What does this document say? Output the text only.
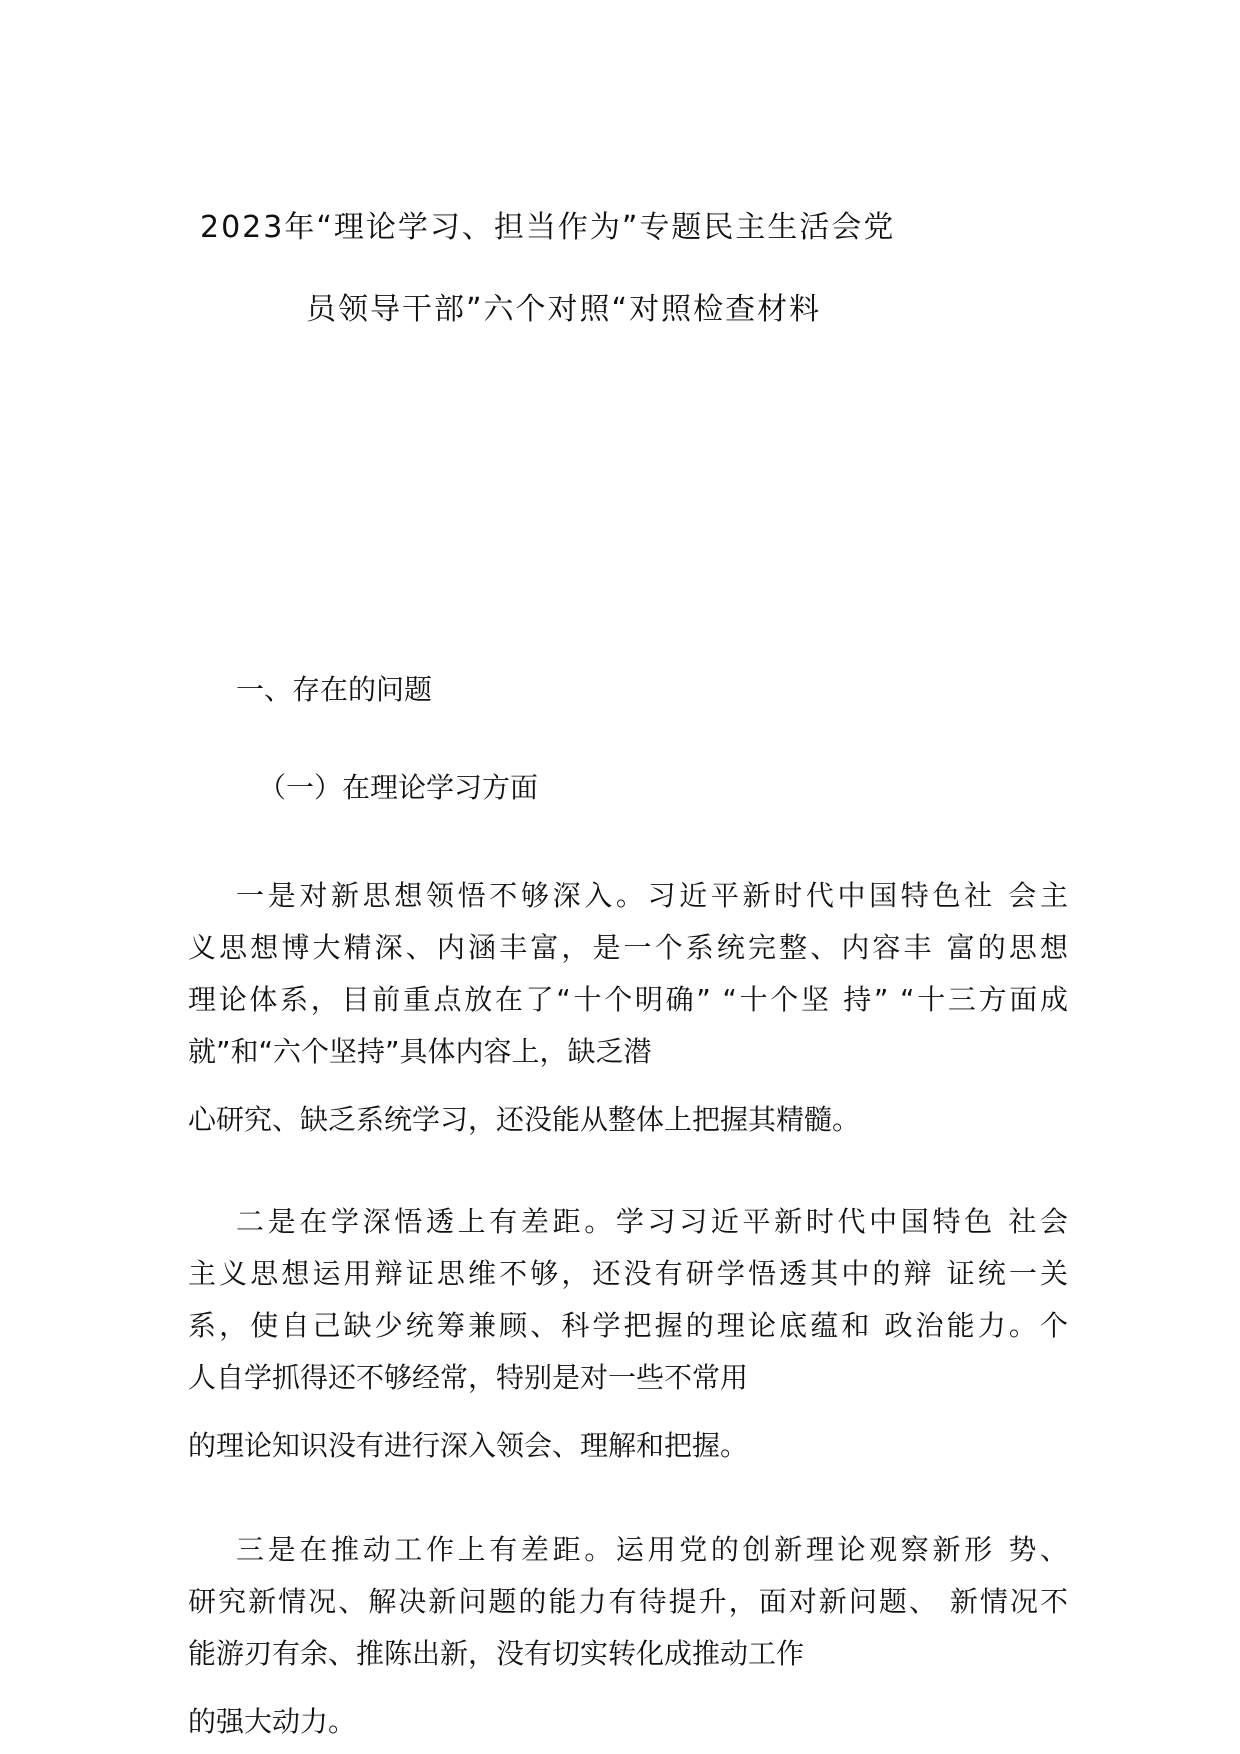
2023年“理论学习、担当作为”专题民主生活会党
员领导干部”六个对照“对照检查材料
一、存在的问题
（一）在理论学习方面
一是对新思想领悟不够深入。习近平新时代中国特色社 会主
义思想博大精深、内涵丰富，是一个系统完整、内容丰 富的思想
理论体系，目前重点放在了“十个明确” “十个坚 持” “十三方面成
就”和“六个坚持”具体内容上，缺乏潜
心研究、缺乏系统学习，还没能从整体上把握其精髓。
二是在学深悟透上有差距。学习习近平新时代中国特色 社会
主义思想运用辩证思维不够，还没有研学悟透其中的辩 证统一关
系，使自己缺少统筹兼顾、科学把握的理论底蕴和 政治能力。个
人自学抓得还不够经常，特别是对一些不常用
的理论知识没有进行深入领会、理解和把握。
三是在推动工作上有差距。运用党的创新理论观察新形 势、
研究新情况、解决新问题的能力有待提升，面对新问题、 新情况不
能游刃有余、推陈出新，没有切实转化成推动工作
的强大动力。
